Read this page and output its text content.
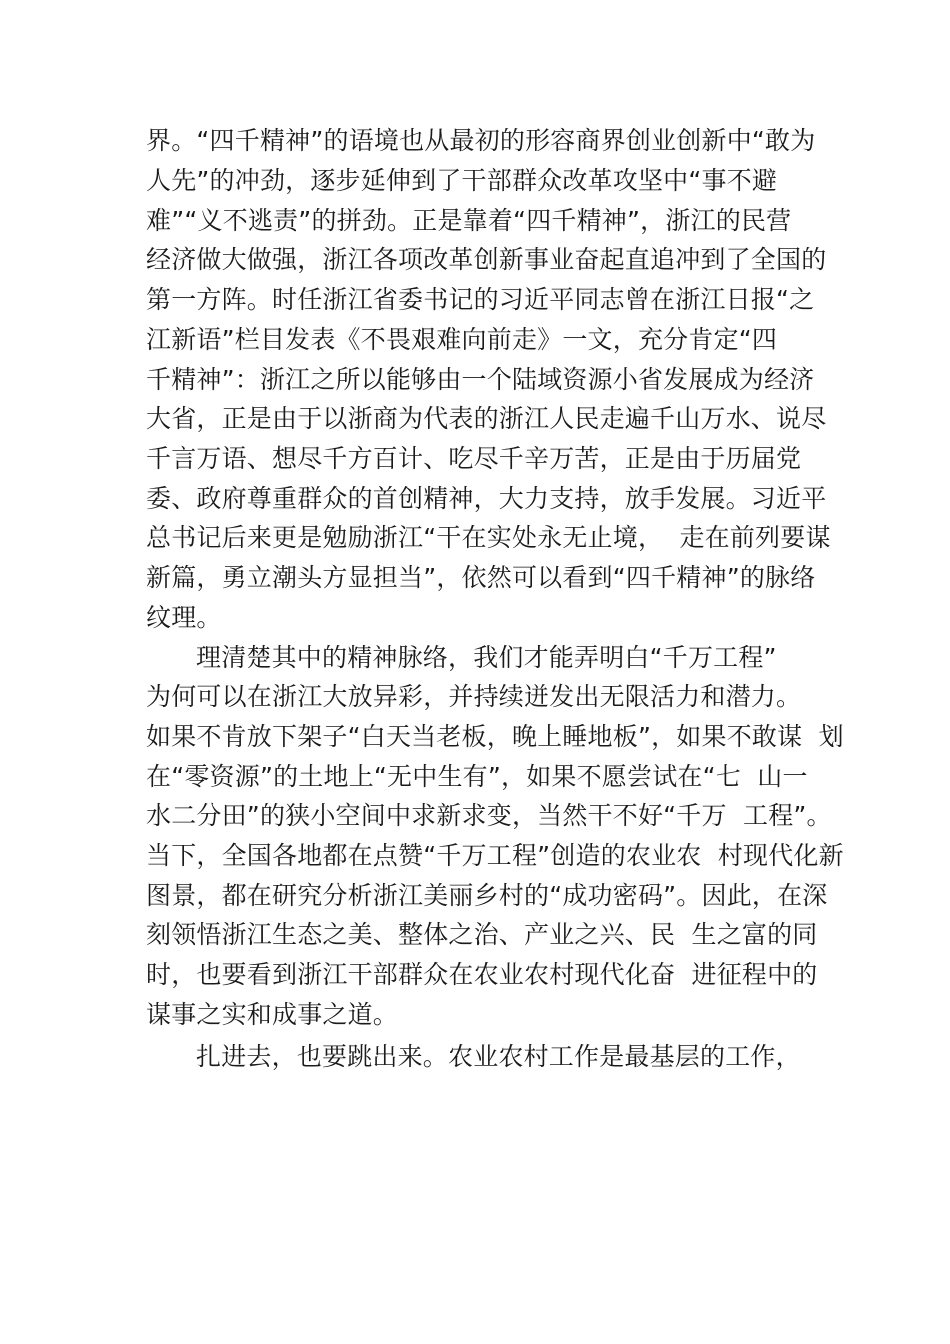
界。“四千精神”的语境也从最初的形容商界创业创新中“敢为

人先”的冲劲，逐步延伸到了干部群众改革攻坚中“事不避

难”“义不逃责”的拼劲。正是靠着“四千精神”，浙江的民营

经济做大做强，浙江各项改革创新事业奋起直追冲到了全国的

第一方阵。时任浙江省委书记的习近平同志曾在浙江日报“之

江新语”栏目发表《不畏艰难向前走》一文，充分肯定“四

千精神”：浙江之所以能够由一个陆域资源小省发展成为经济

大省，正是由于以浙商为代表的浙江人民走遍千山万水、说尽

千言万语、想尽千方百计、吃尽千辛万苦，正是由于历届党

委、政府尊重群众的首创精神，大力支持，放手发展。习近平

总书记后来更是勉励浙江“干在实处永无止境，  走在前列要谋

新篇，勇立潮头方显担当”，依然可以看到“四千精神”的脉络

纹理。

理清楚其中的精神脉络，我们才能弄明白“千万工程”

为何可以在浙江大放异彩，并持续迸发出无限活力和潜力。

如果不肯放下架子“白天当老板，晚上睡地板”，如果不敢谋  划

在“零资源”的土地上“无中生有”，如果不愿尝试在“七  山一

水二分田”的狭小空间中求新求变，当然干不好“千万  工程”。

当下，全国各地都在点赞“千万工程”创造的农业农  村现代化新

图景，都在研究分析浙江美丽乡村的“成功密码”。因此，在深

刻领悟浙江生态之美、整体之治、产业之兴、民  生之富的同

时，也要看到浙江干部群众在农业农村现代化奋  进征程中的

谋事之实和成事之道。

扎进去，也要跳出来。农业农村工作是最基层的工作，
